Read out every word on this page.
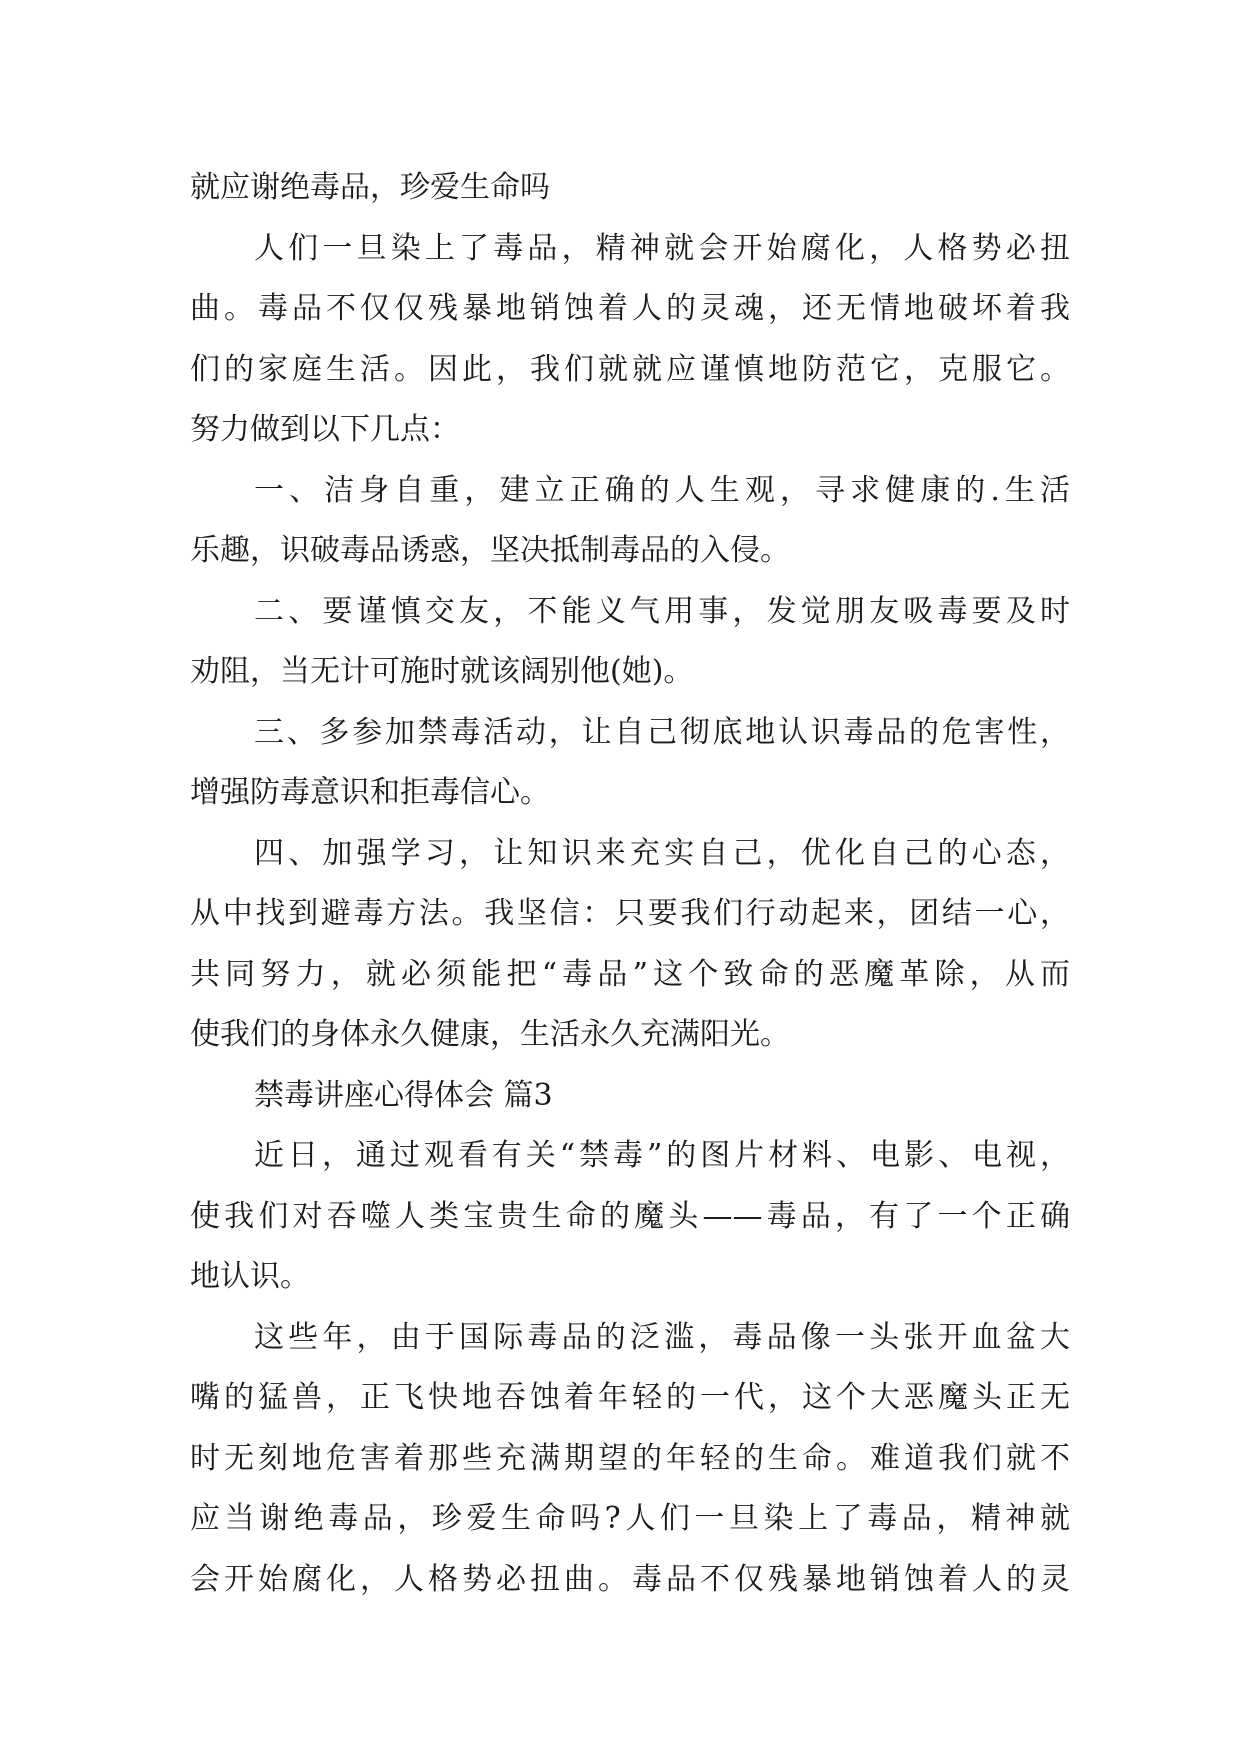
就应谢绝毒品，珍爱生命吗
人们一旦染上了毒品，精神就会开始腐化，人格势必扭
曲。毒品不仅仅残暴地销蚀着人的灵魂，还无情地破坏着我
们的家庭生活。因此，我们就就应谨慎地防范它，克服它。
努力做到以下几点：
一、洁身自重，建立正确的人生观，寻求健康的.生活
乐趣，识破毒品诱惑，坚决抵制毒品的入侵。
二、要谨慎交友，不能义气用事，发觉朋友吸毒要及时
劝阻，当无计可施时就该阔别他(她)。
三、多参加禁毒活动，让自己彻底地认识毒品的危害性，
增强防毒意识和拒毒信心。
四、加强学习，让知识来充实自己，优化自己的心态，
从中找到避毒方法。我坚信：只要我们行动起来，团结一心，
共同努力，就必须能把“毒品”这个致命的恶魔革除，从而
使我们的身体永久健康，生活永久充满阳光。
禁毒讲座心得体会 篇3
近日，通过观看有关“禁毒”的图片材料、电影、电视，
使我们对吞噬人类宝贵生命的魔头——毒品，有了一个正确
地认识。
这些年，由于国际毒品的泛滥，毒品像一头张开血盆大
嘴的猛兽，正飞快地吞蚀着年轻的一代，这个大恶魔头正无
时无刻地危害着那些充满期望的年轻的生命。难道我们就不
应当谢绝毒品，珍爱生命吗?人们一旦染上了毒品，精神就
会开始腐化，人格势必扭曲。毒品不仅残暴地销蚀着人的灵
